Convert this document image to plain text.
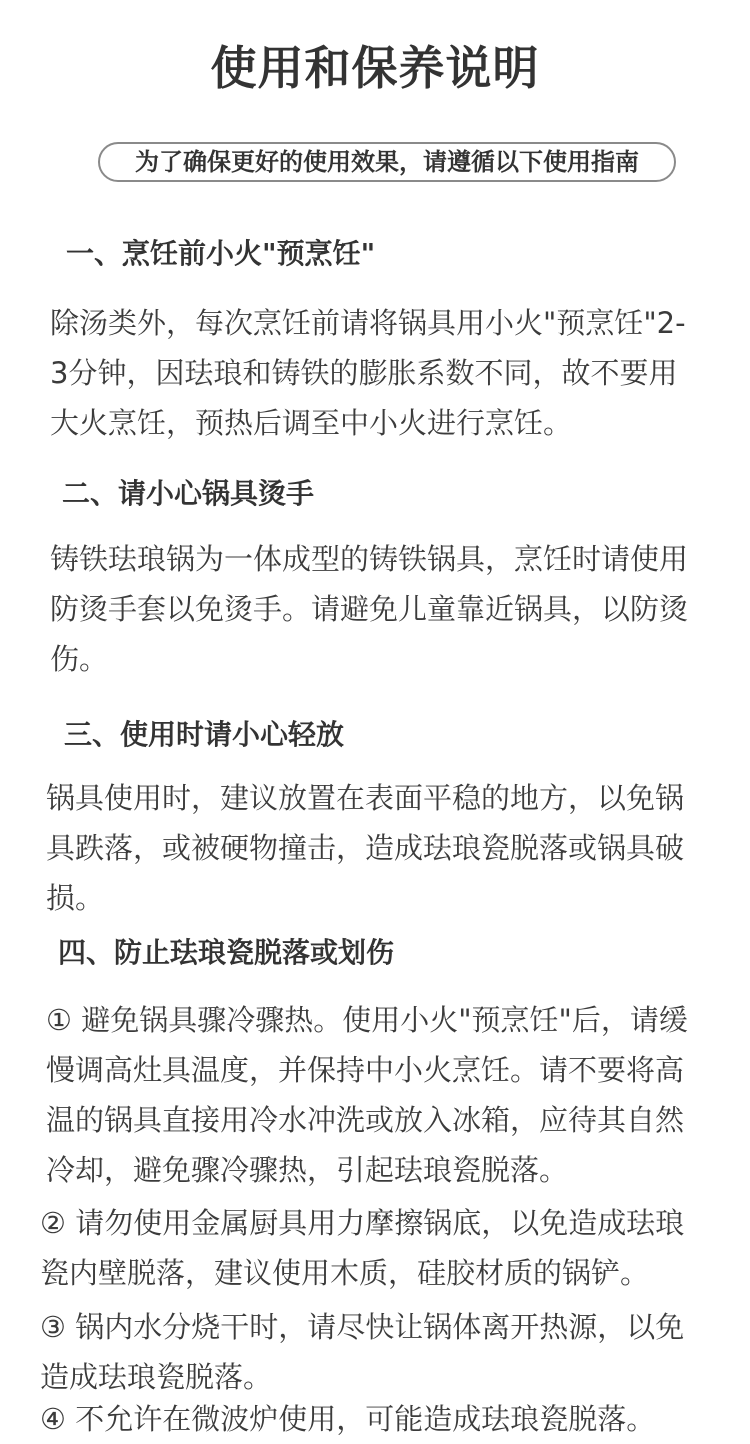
使用和保养说明
为了确保更好的使用效果，请遵循以下使用指南
一、烹饪前小火"预烹饪"
除汤类外，每次烹饪前请将锅具用小火"预烹饪"2-
3分钟，因珐琅和铸铁的膨胀系数不同，故不要用
大火烹饪，预热后调至中小火进行烹饪。
二、请小心锅具烫手
铸铁珐琅锅为一体成型的铸铁锅具，烹饪时请使用
防烫手套以免烫手。请避免儿童靠近锅具，以防烫
伤。
三、使用时请小心轻放
锅具使用时，建议放置在表面平稳的地方，以免锅
具跌落，或被硬物撞击，造成珐琅瓷脱落或锅具破
损。
四、防止珐琅瓷脱落或划伤
① 避免锅具骤冷骤热。使用小火"预烹饪"后，请缓
慢调高灶具温度，并保持中小火烹饪。请不要将高
温的锅具直接用冷水冲洗或放入冰箱，应待其自然
冷却，避免骤冷骤热，引起珐琅瓷脱落。
② 请勿使用金属厨具用力摩擦锅底，以免造成珐琅
瓷内壁脱落，建议使用木质，硅胶材质的锅铲。
③ 锅内水分烧干时，请尽快让锅体离开热源，以免
造成珐琅瓷脱落。
④ 不允许在微波炉使用，可能造成珐琅瓷脱落。
